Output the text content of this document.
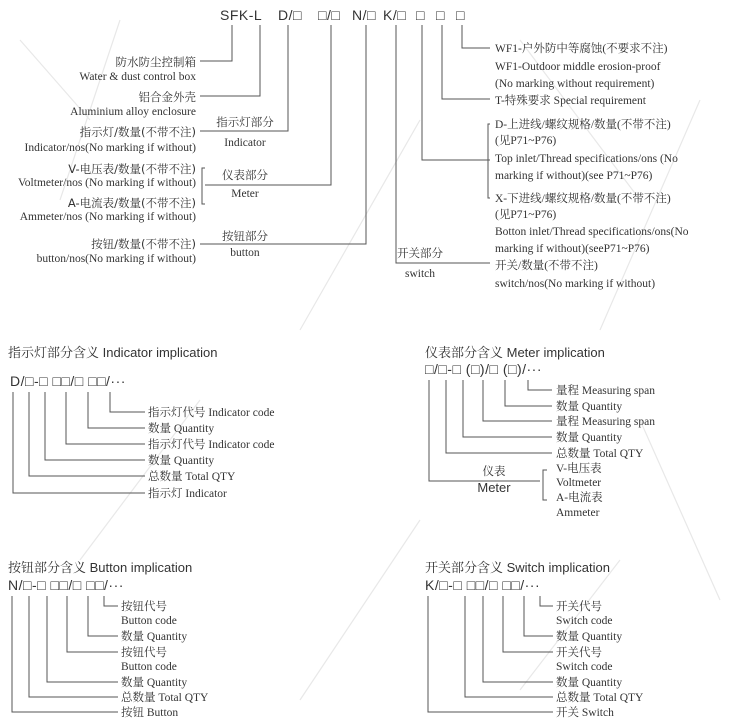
SFK-L D/□ □/□ N/□ K/□ □ □ □
防水防尘控制箱
Water & dust control box
铝合金外壳
Aluminium alloy enclosure
指示灯/数量(不带不注)
Indicator/nos(No marking if without)
V-电压表/数量(不带不注)
Voltmeter/nos (No marking if without)
A-电流表/数量(不带不注)
Ammeter/nos (No marking if without)
按钮/数量(不带不注)
button/nos(No marking if without)
指示灯部分
Indicator
仪表部分
Meter
按钮部分
button	开关部分
switch
WF1-户外防中等腐蚀(不要求不注)
WF1-Outdoor middle erosion-proof
(No marking without requirement)
T-特殊要求 Special requirement
D-上进线/螺纹规格/数量(不带不注)
(见P71~P76)
Top inlet/Thread specifications/ons (No
marking if without)(see P71~P76)
X-下进线/螺纹规格/数量(不带不注)
(见P71~P76)
Botton inlet/Thread specifications/ons(No
marking if without)(seeP71~P76)
开关/数量(不带不注)
switch/nos(No marking if without)
指示灯部分含义 Indicator implication
D/□-□ □□/□ □□/···
指示灯代号 Indicator code
数量 Quantity
指示灯代号 Indicator code
数量 Quantity
总数量 Total QTY
指示灯 Indicator
仪表部分含义 Meter implication
□/□-□ (□)/□ (□)/···
量程 Measuring span
数量 Quantity
量程 Measuring span
数量 Quantity
总数量 Total QTY
仪表
Meter
V-电压表
Voltmeter
A-电流表
Ammeter
按钮部分含义 Button implication
N/□-□ □□/□ □□/···
按钮代号
Button code
数量 Quantity
按钮代号
Button code
数量 Quantity
总数量 Total QTY
按钮 Button
开关部分含义 Switch implication
K/□-□ □□/□ □□/···
开关代号
Switch code
数量 Quantity
开关代号
Switch code
数量 Quantity
总数量 Total QTY
开关 Switch
